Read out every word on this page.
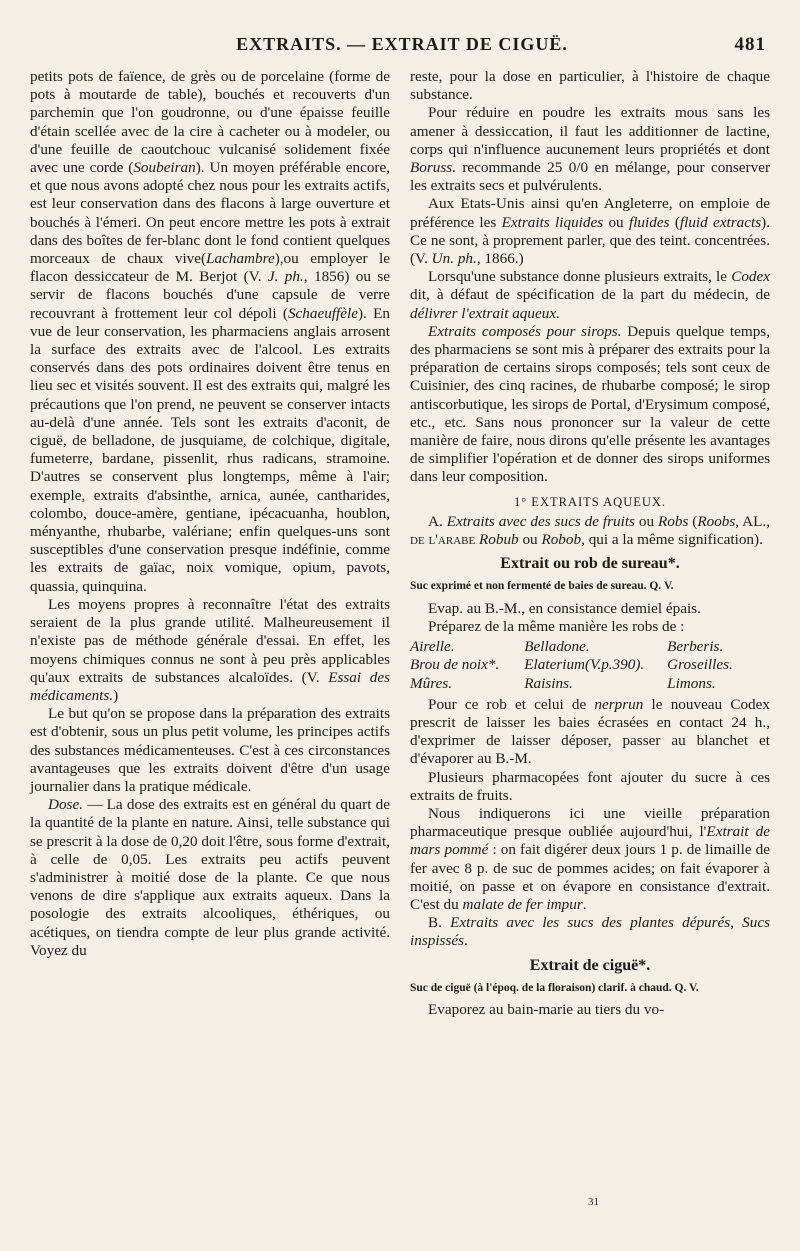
EXTRAITS. — EXTRAIT DE CIGUË.	481

petits pots de faïence, de grès ou de porcelaine (forme de pots à moutarde de table), bouchés et recouverts d'un parchemin que l'on goudronne, ou d'une épaisse feuille d'étain scellée avec de la cire à cacheter ou à modeler, ou d'une feuille de caoutchouc vulcanisé solidement fixée avec une corde (Soubeiran). Un moyen préférable encore, et que nous avons adopté chez nous pour les extraits actifs, est leur conservation dans des flacons à large ouverture et bouchés à l'émeri. On peut encore mettre les pots à extrait dans des boîtes de fer-blanc dont le fond contient quelques morceaux de chaux vive(Lachambre),ou employer le flacon dessiccateur de M. Berjot (V. J. ph., 1856) ou se servir de flacons bouchés d'une capsule de verre recouvrant à frottement leur col dépoli (Schaeuffèle). En vue de leur conservation, les pharmaciens anglais arrosent la surface des extraits avec de l'alcool. Les extraits conservés dans des pots ordinaires doivent être tenus en lieu sec et visités souvent. Il est des extraits qui, malgré les précautions que l'on prend, ne peuvent se conserver intacts au-delà d'une année. Tels sont les extraits d'aconit, de ciguë, de belladone, de jusquiame, de colchique, digitale, fumeterre, bardane, pissenlit, rhus radicans, stramoine. D'autres se conservent plus longtemps, même à l'air; exemple, extraits d'absinthe, arnica, aunée, cantharides, colombo, douce-amère, gentiane, ipécacuanha, houblon, ményanthe, rhubarbe, valériane; enfin quelques-uns sont susceptibles d'une conservation presque indéfinie, comme les extraits de gaïac, noix vomique, opium, pavots, quassia, quinquina.

Les moyens propres à reconnaître l'état des extraits seraient de la plus grande utilité. Malheureusement il n'existe pas de méthode générale d'essai. En effet, les moyens chimiques connus ne sont à peu près applicables qu'aux extraits de substances alcaloïdes. (V. Essai des médicaments.)

Le but qu'on se propose dans la préparation des extraits est d'obtenir, sous un plus petit volume, les principes actifs des substances médicamenteuses. C'est à ces circonstances avantageuses que les extraits doivent d'être d'un usage journalier dans la pratique médicale.

Dose. — La dose des extraits est en général du quart de la quantité de la plante en nature. Ainsi, telle substance qui se prescrit à la dose de 0,20 doit l'être, sous forme d'extrait, à celle de 0,05. Les extraits peu actifs peuvent s'administrer à moitié dose de la plante. Ce que nous venons de dire s'applique aux extraits aqueux. Dans la posologie des extraits alcooliques, éthériques, ou acétiques, on tiendra compte de leur plus grande activité. Voyez du

reste, pour la dose en particulier, à l'histoire de chaque substance.

Pour réduire en poudre les extraits mous sans les amener à dessiccation, il faut les additionner de lactine, corps qui n'influence aucunement leurs propriétés et dont Boruss. recommande 25 0/0 en mélange, pour conserver les extraits secs et pulvérulents.

Aux Etats-Unis ainsi qu'en Angleterre, on emploie de préférence les Extraits liquides ou fluides (fluid extracts). Ce ne sont, à proprement parler, que des teint. concentrées. (V. Un. ph., 1866.)

Lorsqu'une substance donne plusieurs extraits, le Codex dit, à défaut de spécification de la part du médecin, de délivrer l'extrait aqueux.

Extraits composés pour sirops. Depuis quelque temps, des pharmaciens se sont mis à préparer des extraits pour la préparation de certains sirops composés; tels sont ceux de Cuisinier, des cinq racines, de rhubarbe composé; le sirop antiscorbutique, les sirops de Portal, d'Erysimum composé, etc., etc. Sans nous prononcer sur la valeur de cette manière de faire, nous dirons qu'elle présente les avantages de simplifier l'opération et de donner des sirops uniformes dans leur composition.

1° EXTRAITS AQUEUX.

A. Extraits avec des sucs de fruits ou Robs (Roobs, AL., de l'arabe Robub ou Robob, qui a la même signification).

Extrait ou rob de sureau*.

Suc exprimé et non fermenté de baies de sureau. Q. V.

Evap. au B.-M., en consistance demiel épais.

Préparez de la même manière les robs de :

Airelle.	Belladone.	Berberis.
Brou de noix*.	Elaterium(V.p.390).	Groseilles.
Mûres.	Raisins.	Limons.

Pour ce rob et celui de nerprun le nouveau Codex prescrit de laisser les baies écrasées en contact 24 h., d'exprimer de laisser déposer, passer au blanchet et d'évaporer au B.-M.

Plusieurs pharmacopées font ajouter du sucre à ces extraits de fruits.

Nous indiquerons ici une vieille préparation pharmaceutique presque oubliée aujourd'hui, l'Extrait de mars pommé : on fait digérer deux jours 1 p. de limaille de fer avec 8 p. de suc de pommes acides; on fait évaporer à moitié, on passe et on évapore en consistance d'extrait. C'est du malate de fer impur.

B. Extraits avec les sucs des plantes dépurés, Sucs inspissés.

Extrait de ciguë*.

Suc de ciguë (à l'époq. de la floraison) clarif. à chaud. Q. V.

Evaporez au bain-marie au tiers du vo-

31
